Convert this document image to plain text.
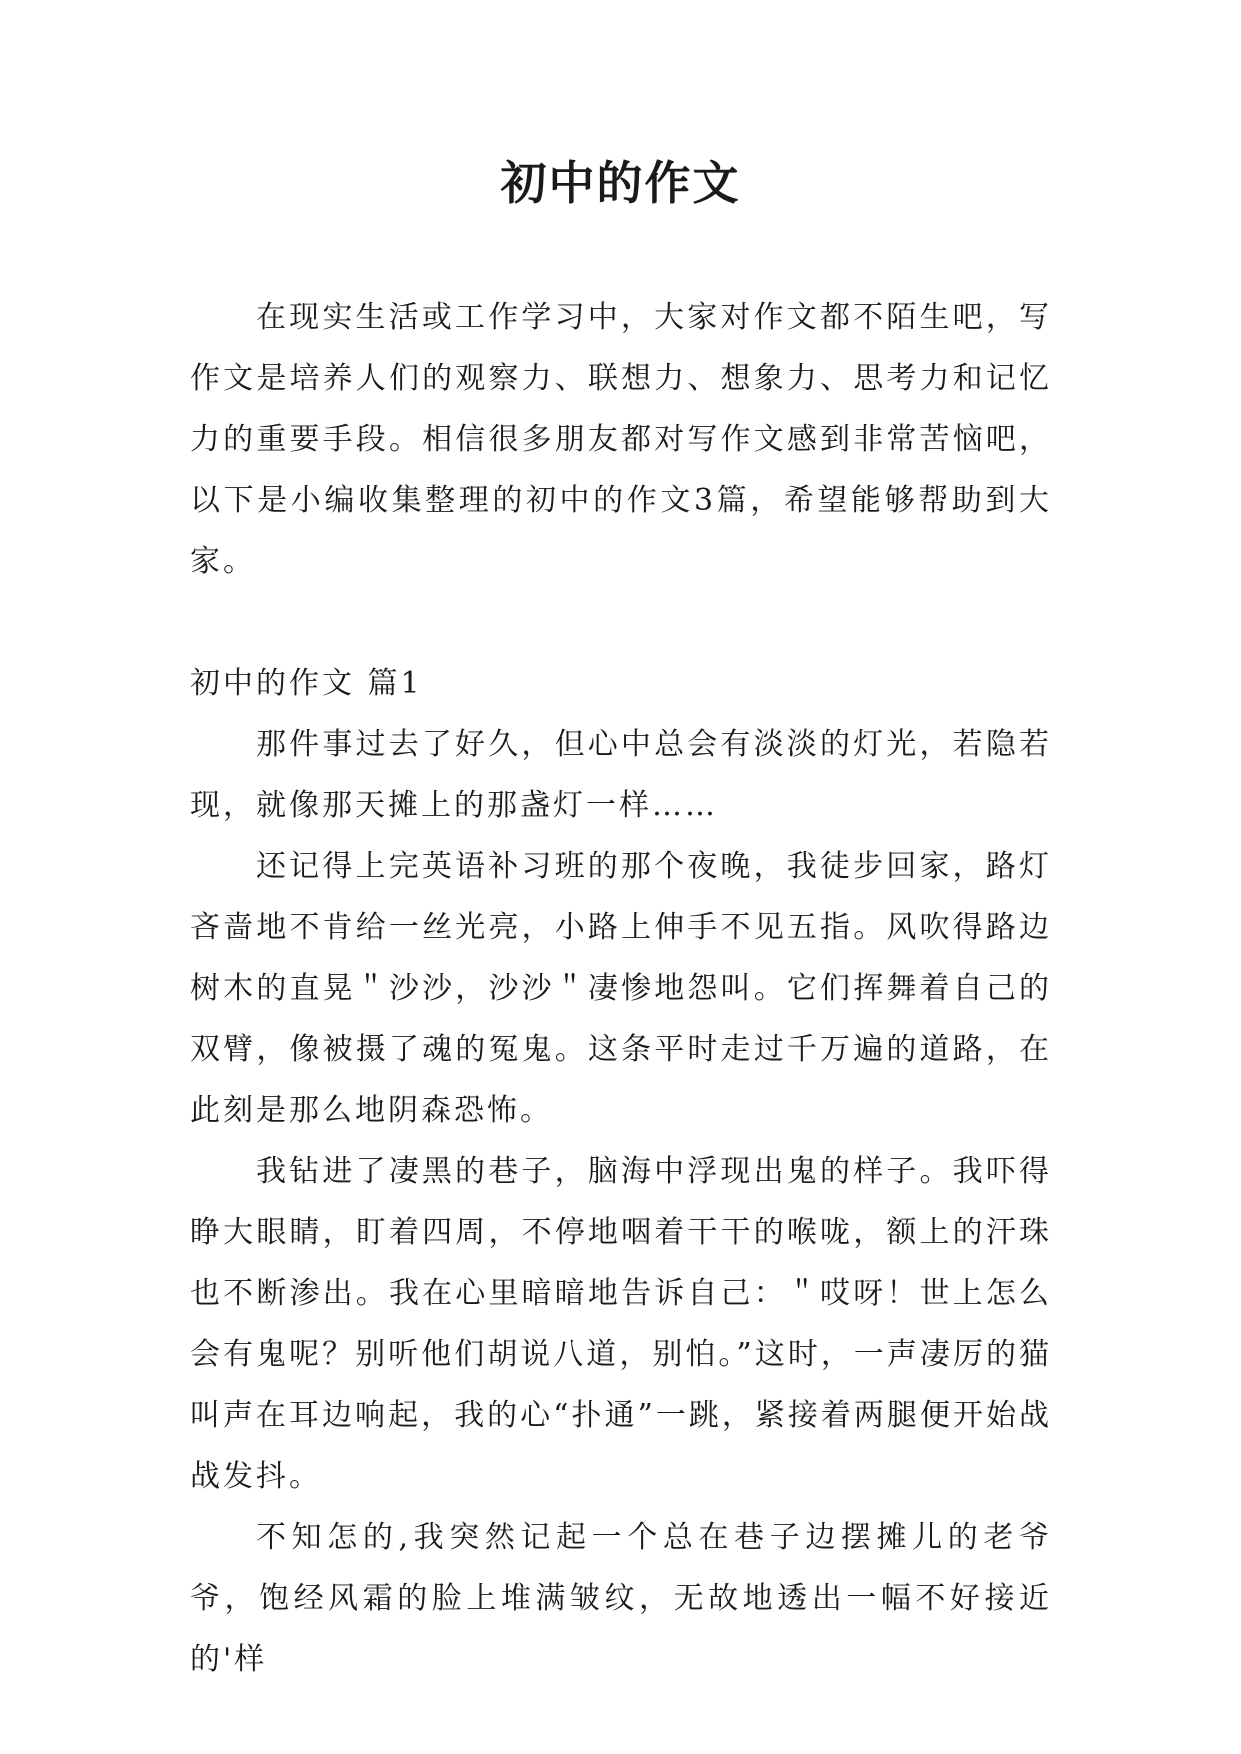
初中的作文

在现实生活或工作学习中，大家对作文都不陌生吧，写作文是培养人们的观察力、联想力、想象力、思考力和记忆力的重要手段。相信很多朋友都对写作文感到非常苦恼吧，以下是小编收集整理的初中的作文3篇，希望能够帮助到大家。

初中的作文 篇1

那件事过去了好久，但心中总会有淡淡的灯光，若隐若现，就像那天摊上的那盏灯一样……

还记得上完英语补习班的那个夜晚，我徒步回家，路灯吝啬地不肯给一丝光亮，小路上伸手不见五指。风吹得路边树木的直晃＂沙沙，沙沙＂凄惨地怨叫。它们挥舞着自己的双臂，像被摄了魂的冤鬼。这条平时走过千万遍的道路，在此刻是那么地阴森恐怖。

我钻进了凄黑的巷子，脑海中浮现出鬼的样子。我吓得睁大眼睛，盯着四周，不停地咽着干干的喉咙，额上的汗珠也不断渗出。我在心里暗暗地告诉自己：＂哎呀！世上怎么会有鬼呢？别听他们胡说八道，别怕。”这时，一声凄厉的猫叫声在耳边响起，我的心“扑通”一跳，紧接着两腿便开始战战发抖。

不知怎的,我突然记起一个总在巷子边摆摊儿的老爷爷，饱经风霜的脸上堆满皱纹，无故地透出一幅不好接近的'样
